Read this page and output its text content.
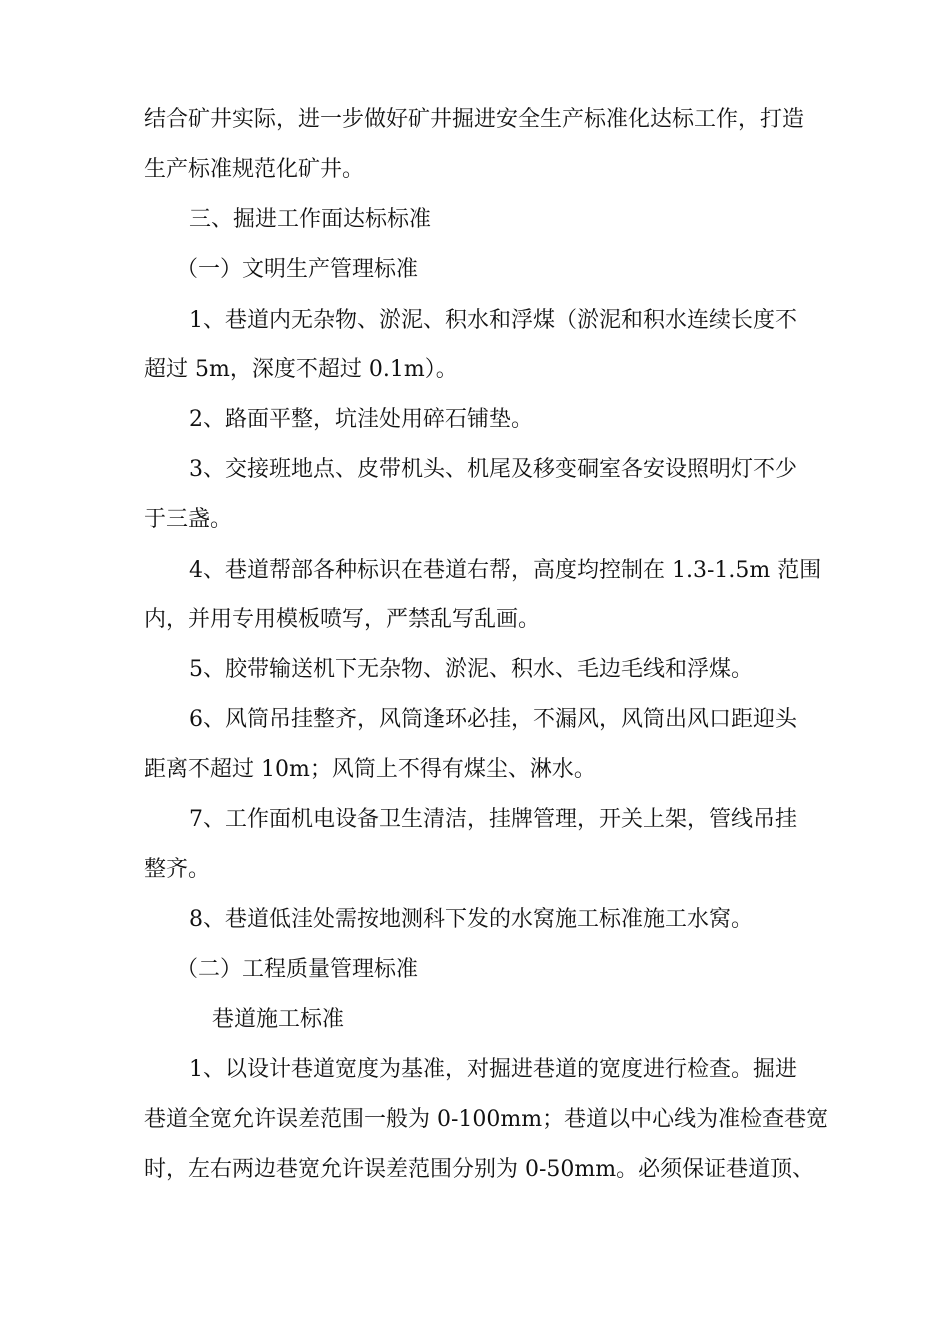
结合矿井实际，进一步做好矿井掘进安全生产标准化达标工作，打造
生产标准规范化矿井。
三、掘进工作面达标标准
（一）文明生产管理标准
1、巷道内无杂物、淤泥、积水和浮煤（淤泥和积水连续长度不
超过 5m，深度不超过 0.1m）。
2、路面平整，坑洼处用碎石铺垫。
3、交接班地点、皮带机头、机尾及移变硐室各安设照明灯不少
于三盏。
4、巷道帮部各种标识在巷道右帮，高度均控制在 1.3-1.5m 范围
内，并用专用模板喷写，严禁乱写乱画。
5、胶带输送机下无杂物、淤泥、积水、毛边毛线和浮煤。
6、风筒吊挂整齐，风筒逢环必挂，不漏风，风筒出风口距迎头
距离不超过 10m；风筒上不得有煤尘、淋水。
7、工作面机电设备卫生清洁，挂牌管理，开关上架，管线吊挂
整齐。
8、巷道低洼处需按地测科下发的水窝施工标准施工水窝。
（二）工程质量管理标准
巷道施工标准
1、以设计巷道宽度为基准，对掘进巷道的宽度进行检查。掘进
巷道全宽允许误差范围一般为 0-100mm；巷道以中心线为准检查巷宽
时，左右两边巷宽允许误差范围分别为 0-50mm。必须保证巷道顶、
